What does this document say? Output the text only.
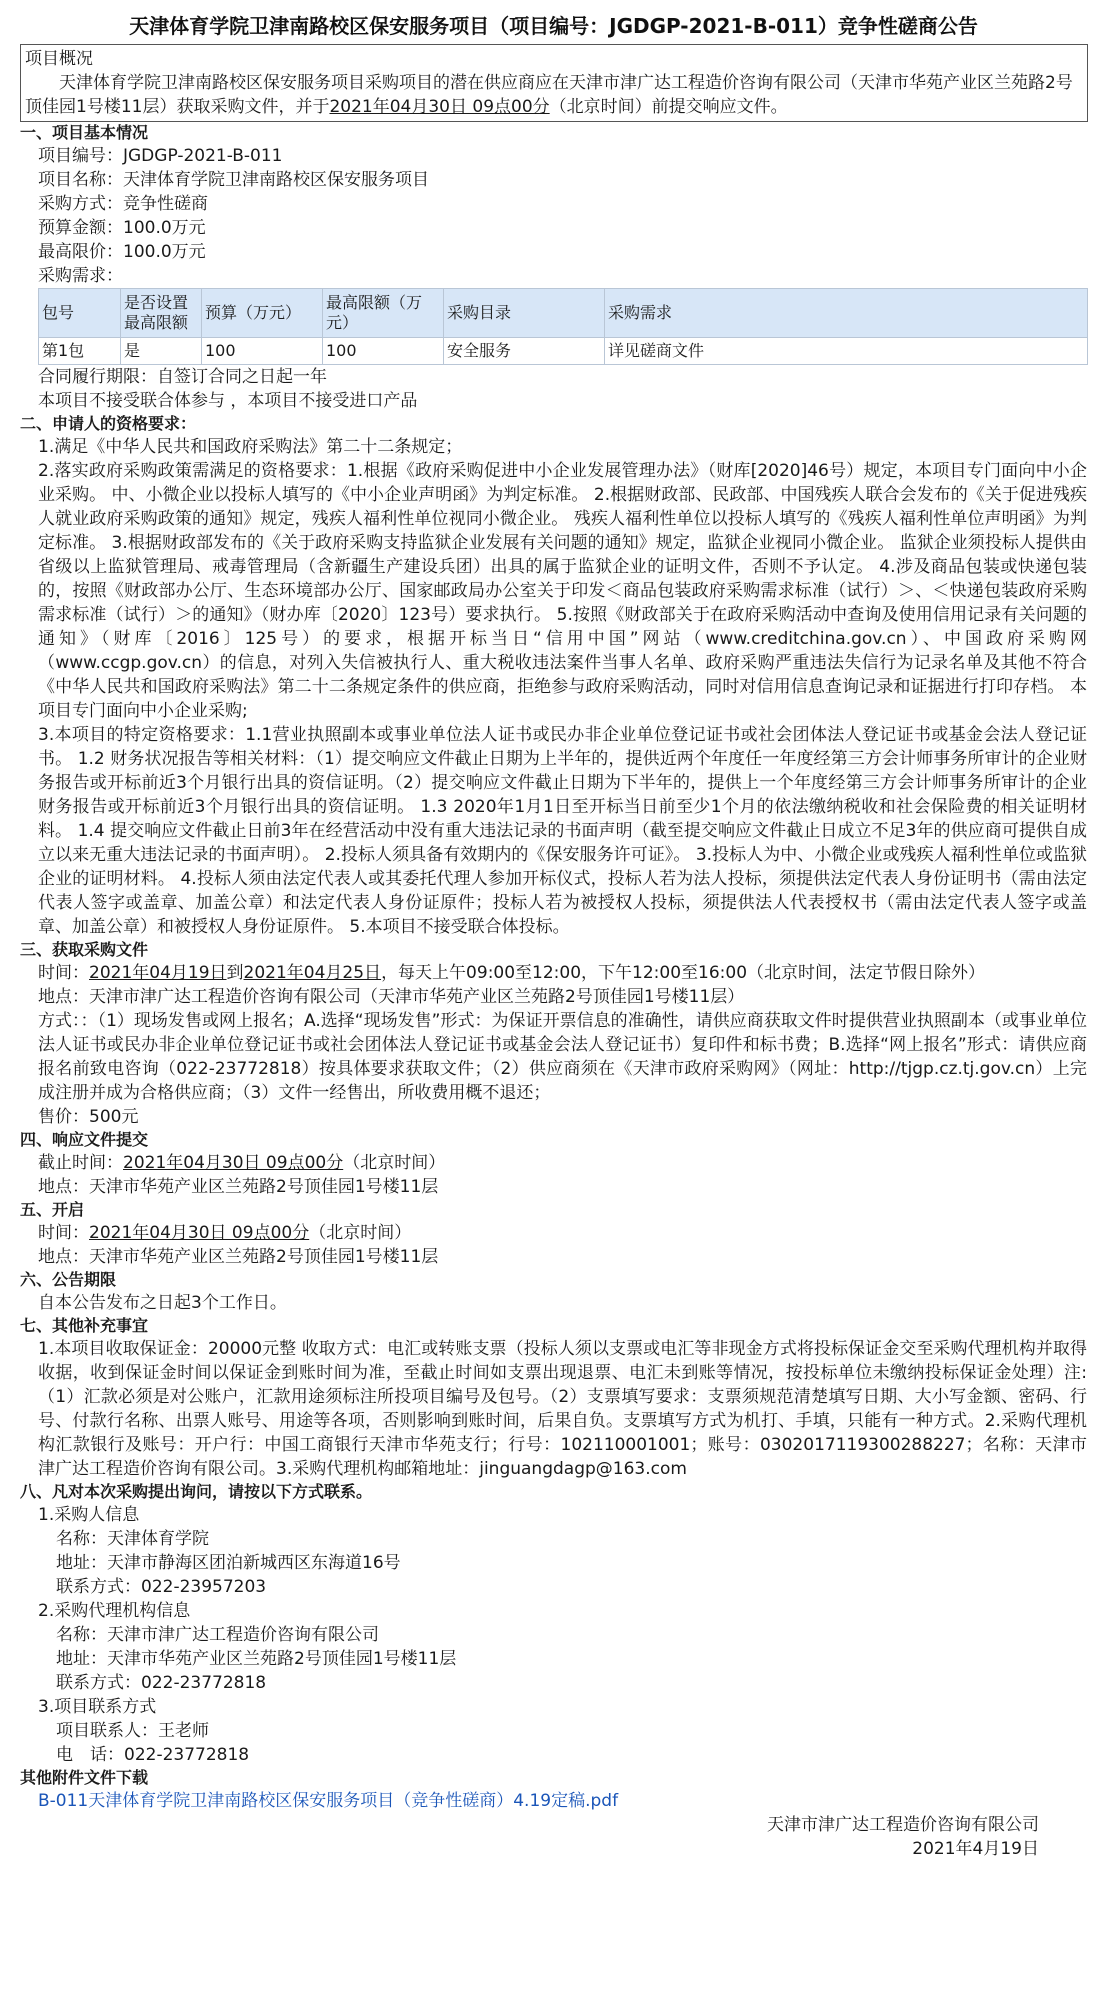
天津体育学院卫津南路校区保安服务项目（项目编号：JGDGP-2021-B-011）竞争性磋商公告
项目概况
天津体育学院卫津南路校区保安服务项目采购项目的潜在供应商应在天津市津广达工程造价咨询有限公司（天津市华苑产业区兰苑路2号顶佳园1号楼11层）获取采购文件，并于2021年04月30日 09点00分（北京时间）前提交响应文件。
一、项目基本情况
项目编号：JGDGP-2021-B-011
项目名称：天津体育学院卫津南路校区保安服务项目
采购方式：竞争性磋商
预算金额：100.0万元
最高限价：100.0万元
采购需求：
包号	是否设置最高限额	预算（万元）	最高限额（万元）	采购目录	采购需求
第1包	是	100	100	安全服务	详见磋商文件
合同履行期限：自签订合同之日起一年
本项目不接受联合体参与 ，本项目不接受进口产品
二、申请人的资格要求：
1.满足《中华人民共和国政府采购法》第二十二条规定；
2.落实政府采购政策需满足的资格要求：1.根据《政府采购促进中小企业发展管理办法》（财库[2020]46号）规定，本项目专门面向中小企业采购。 中、小微企业以投标人填写的《中小企业声明函》为判定标准。 2.根据财政部、民政部、中国残疾人联合会发布的《关于促进残疾人就业政府采购政策的通知》规定，残疾人福利性单位视同小微企业。 残疾人福利性单位以投标人填写的《残疾人福利性单位声明函》为判定标准。 3.根据财政部发布的《关于政府采购支持监狱企业发展有关问题的通知》规定，监狱企业视同小微企业。 监狱企业须投标人提供由省级以上监狱管理局、戒毒管理局（含新疆生产建设兵团）出具的属于监狱企业的证明文件，否则不予认定。 4.涉及商品包装或快递包装的，按照《财政部办公厅、生态环境部办公厅、国家邮政局办公室关于印发＜商品包装政府采购需求标准（试行）＞、＜快递包装政府采购需求标准（试行）＞的通知》（财办库〔2020〕123号）要求执行。 5.按照《财政部关于在政府采购活动中查询及使用信用记录有关问题的通知》（财库〔2016〕125号）的要求，根据开标当日“信用中国”网站（www.creditchina.gov.cn）、中国政府采购网（www.ccgp.gov.cn）的信息，对列入失信被执行人、重大税收违法案件当事人名单、政府采购严重违法失信行为记录名单及其他不符合《中华人民共和国政府采购法》第二十二条规定条件的供应商，拒绝参与政府采购活动，同时对信用信息查询记录和证据进行打印存档。 本项目专门面向中小企业采购;
3.本项目的特定资格要求：1.1营业执照副本或事业单位法人证书或民办非企业单位登记证书或社会团体法人登记证书或基金会法人登记证书。 1.2 财务状况报告等相关材料：（1）提交响应文件截止日期为上半年的，提供近两个年度任一年度经第三方会计师事务所审计的企业财务报告或开标前近3个月银行出具的资信证明。（2）提交响应文件截止日期为下半年的，提供上一个年度经第三方会计师事务所审计的企业财务报告或开标前近3个月银行出具的资信证明。 1.3 2020年1月1日至开标当日前至少1个月的依法缴纳税收和社会保险费的相关证明材料。 1.4 提交响应文件截止日前3年在经营活动中没有重大违法记录的书面声明（截至提交响应文件截止日成立不足3年的供应商可提供自成立以来无重大违法记录的书面声明）。 2.投标人须具备有效期内的《保安服务许可证》。 3.投标人为中、小微企业或残疾人福利性单位或监狱企业的证明材料。 4.投标人须由法定代表人或其委托代理人参加开标仪式，投标人若为法人投标，须提供法定代表人身份证明书（需由法定代表人签字或盖章、加盖公章）和法定代表人身份证原件；投标人若为被授权人投标，须提供法人代表授权书（需由法定代表人签字或盖章、加盖公章）和被授权人身份证原件。 5.本项目不接受联合体投标。
三、获取采购文件
时间：2021年04月19日到2021年04月25日，每天上午09:00至12:00，下午12:00至16:00（北京时间，法定节假日除外）
地点：天津市津广达工程造价咨询有限公司（天津市华苑产业区兰苑路2号顶佳园1号楼11层）
方式：：（1）现场发售或网上报名；A.选择“现场发售”形式：为保证开票信息的准确性，请供应商获取文件时提供营业执照副本（或事业单位法人证书或民办非企业单位登记证书或社会团体法人登记证书或基金会法人登记证书）复印件和标书费；B.选择“网上报名”形式：请供应商报名前致电咨询（022-23772818）按具体要求获取文件；（2）供应商须在《天津市政府采购网》（网址：http://tjgp.cz.tj.gov.cn）上完成注册并成为合格供应商；（3）文件一经售出，所收费用概不退还；
售价：500元
四、响应文件提交
截止时间：2021年04月30日 09点00分（北京时间）
地点：天津市华苑产业区兰苑路2号顶佳园1号楼11层
五、开启
时间：2021年04月30日 09点00分（北京时间）
地点：天津市华苑产业区兰苑路2号顶佳园1号楼11层
六、公告期限
自本公告发布之日起3个工作日。
七、其他补充事宜
1.本项目收取保证金：20000元整 收取方式：电汇或转账支票（投标人须以支票或电汇等非现金方式将投标保证金交至采购代理机构并取得收据，收到保证金时间以保证金到账时间为准，至截止时间如支票出现退票、电汇未到账等情况，按投标单位未缴纳投标保证金处理）注:（1）汇款必须是对公账户，汇款用途须标注所投项目编号及包号。（2）支票填写要求：支票须规范清楚填写日期、大小写金额、密码、行号、付款行名称、出票人账号、用途等各项，否则影响到账时间，后果自负。支票填写方式为机打、手填，只能有一种方式。2.采购代理机构汇款银行及账号：开户行：中国工商银行天津市华苑支行；行号：102110001001；账号：0302017119300288227；名称：天津市津广达工程造价咨询有限公司。3.采购代理机构邮箱地址：jinguangdagp@163.com
八、凡对本次采购提出询问，请按以下方式联系。
1.采购人信息
名称：天津体育学院
地址：天津市静海区团泊新城西区东海道16号
联系方式：022-23957203
2.采购代理机构信息
名称：天津市津广达工程造价咨询有限公司
地址：天津市华苑产业区兰苑路2号顶佳园1号楼11层
联系方式：022-23772818
3.项目联系方式
项目联系人：王老师
电　话：022-23772818
其他附件文件下载
B-011天津体育学院卫津南路校区保安服务项目（竞争性磋商）4.19定稿.pdf
天津市津广达工程造价咨询有限公司
2021年4月19日
